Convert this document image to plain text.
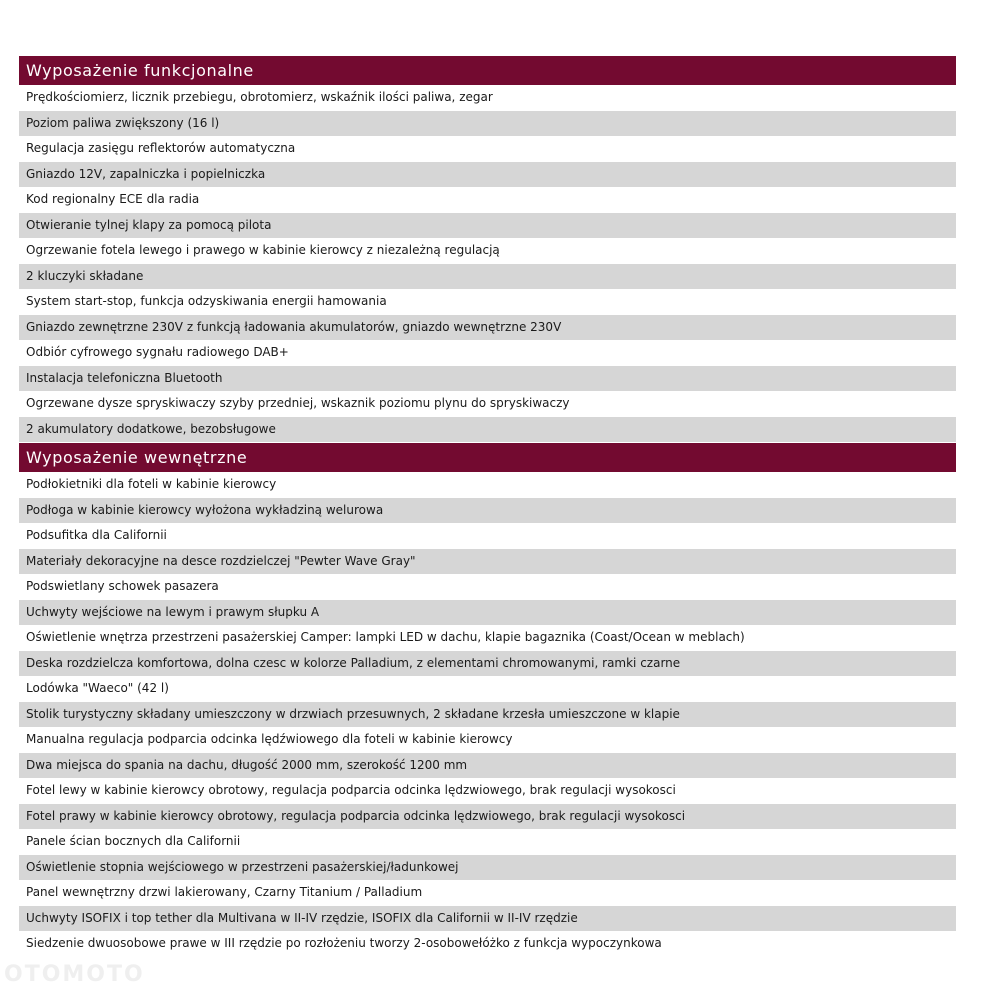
Wyposażenie funkcjonalne
Prędkościomierz, licznik przebiegu, obrotomierz, wskaźnik ilości paliwa, zegar
Poziom paliwa zwiększony (16 l)
Regulacja zasięgu reflektorów automatyczna
Gniazdo 12V, zapalniczka i popielniczka
Kod regionalny ECE dla radia
Otwieranie tylnej klapy za pomocą pilota
Ogrzewanie fotela lewego i prawego w kabinie kierowcy z niezależną regulacją
2 kluczyki składane
System start-stop, funkcja odzyskiwania energii hamowania
Gniazdo zewnętrzne 230V z funkcją ładowania akumulatorów, gniazdo wewnętrzne 230V
Odbiór cyfrowego sygnału radiowego DAB+
Instalacja telefoniczna Bluetooth
Ogrzewane dysze spryskiwaczy szyby przedniej, wskaznik poziomu plynu do spryskiwaczy
2 akumulatory dodatkowe, bezobsługowe
Wyposażenie wewnętrzne
Podłokietniki dla foteli w kabinie kierowcy
Podłoga w kabinie kierowcy wyłożona wykładziną welurowa
Podsufitka dla Californii
Materiały dekoracyjne na desce rozdzielczej "Pewter Wave Gray"
Podswietlany schowek pasazera
Uchwyty wejściowe na lewym i prawym słupku A
Oświetlenie wnętrza przestrzeni pasażerskiej Camper: lampki LED w dachu, klapie bagaznika (Coast/Ocean w meblach)
Deska rozdzielcza komfortowa, dolna czesc w kolorze Palladium, z elementami chromowanymi, ramki czarne
Lodówka "Waeco" (42 l)
Stolik turystyczny składany umieszczony w drzwiach przesuwnych, 2 składane krzesła umieszczone w klapie
Manualna regulacja podparcia odcinka lędźwiowego dla foteli w kabinie kierowcy
Dwa miejsca do spania na dachu, długość 2000 mm, szerokość 1200 mm
Fotel lewy w kabinie kierowcy obrotowy, regulacja podparcia odcinka lędzwiowego, brak regulacji wysokosci
Fotel prawy w kabinie kierowcy obrotowy, regulacja podparcia odcinka lędzwiowego, brak regulacji wysokosci
Panele ścian bocznych dla Californii
Oświetlenie stopnia wejściowego w przestrzeni pasażerskiej/ładunkowej
Panel wewnętrzny drzwi lakierowany, Czarny Titanium / Palladium
Uchwyty ISOFIX i top tether dla Multivana w II-IV rzędzie, ISOFIX dla Californii w II-IV rzędzie
Siedzenie dwuosobowe prawe w III rzędzie po rozłożeniu tworzy 2-osobowełóżko z funkcja wypoczynkowa
OTOMOTO
